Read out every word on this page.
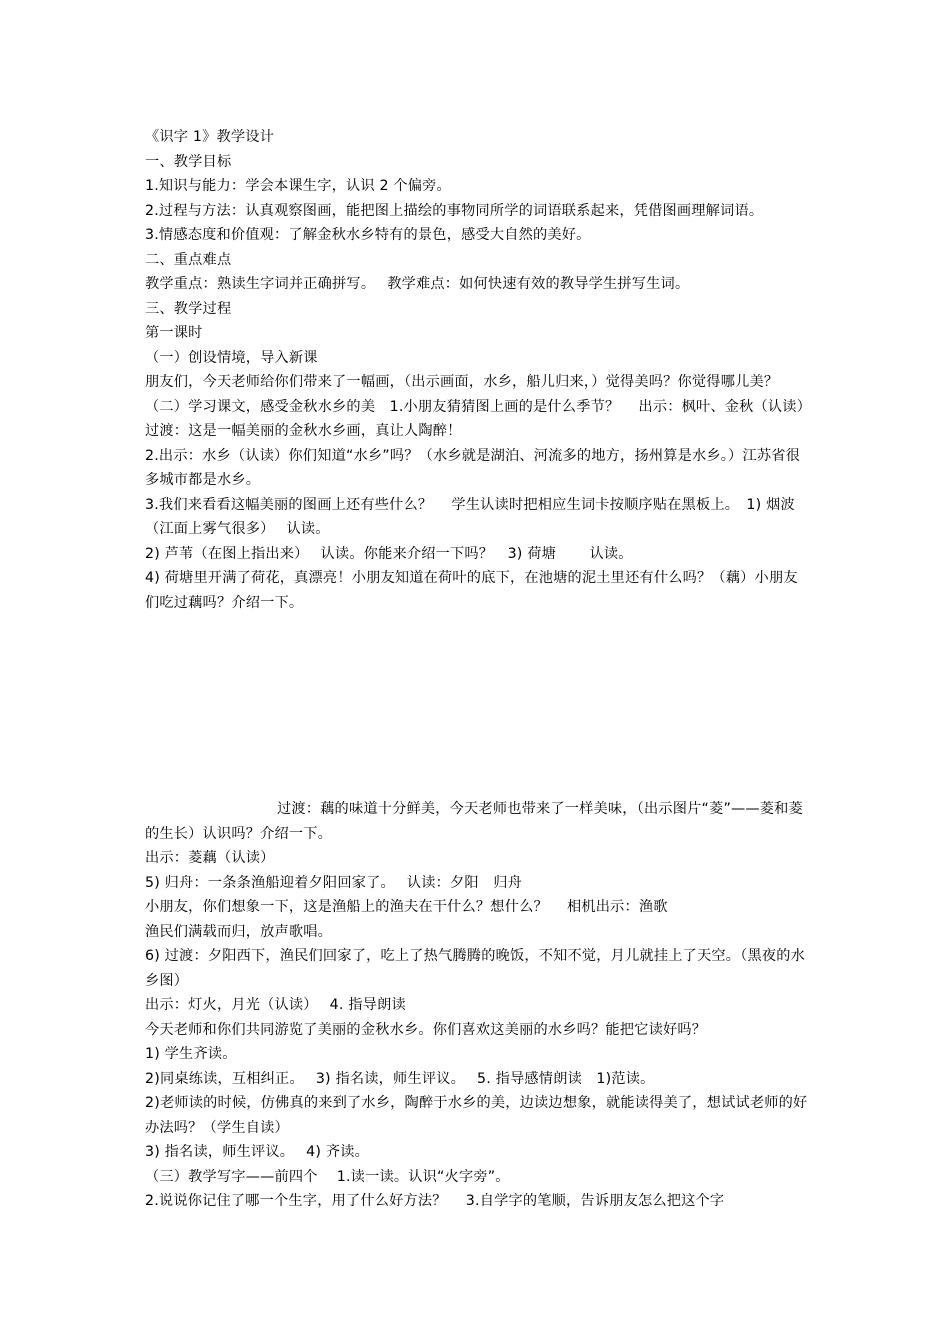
《识字 1》教学设计

一、教学目标

1.知识与能力：学会本课生字，认识 2 个偏旁。

2.过程与方法：认真观察图画，能把图上描绘的事物同所学的词语联系起来，凭借图画理解词语。

3.情感态度和价值观：了解金秋水乡特有的景色，感受大自然的美好。

二、重点难点

教学重点：熟读生字词并正确拼写。　 教学难点：如何快速有效的教导学生拼写生词。

三、教学过程

第一课时

（一）创设情境，导入新课

朋友们，今天老师给你们带来了一幅画，（出示画面，水乡，船儿归来，）觉得美吗？你觉得哪儿美？

（二）学习课文，感受金秋水乡的美　1.小朋友猜猜图上画的是什么季节？　 出示：枫叶、金秋（认读）

过渡：这是一幅美丽的金秋水乡画，真让人陶醉！

2.出示：水乡（认读）你们知道“水乡”吗？（水乡就是湖泊、河流多的地方，扬州算是水乡。）江苏省很多城市都是水乡。

3.我们来看看这幅美丽的图画上还有些什么？　 学生认读时把相应生词卡按顺序贴在黑板上。　1) 烟波（江面上雾气很多）　 认读。

2) 芦苇（在图上指出来）　 认读。你能来介绍一下吗？　3) 荷塘　　 认读。

4) 荷塘里开满了荷花，真漂亮！小朋友知道在荷叶的底下，在池塘的泥土里还有什么吗？（藕）小朋友们吃过藕吗？介绍一下。

过渡：藕的味道十分鲜美，今天老师也带来了一样美味，（出示图片“菱”——菱和菱的生长）认识吗？介绍一下。

出示：菱藕（认读）

5) 归舟：一条条渔船迎着夕阳回家了。　 认读：夕阳　归舟

小朋友，你们想象一下，这是渔船上的渔夫在干什么？想什么？　 相机出示：渔歌

渔民们满载而归，放声歌唱。

6) 过渡：夕阳西下，渔民们回家了，吃上了热气腾腾的晚饭，不知不觉，月儿就挂上了天空。（黑夜的水乡图）

出示：灯火，月光（认读）　 4. 指导朗读

今天老师和你们共同游览了美丽的金秋水乡。你们喜欢这美丽的水乡吗？能把它读好吗？

1) 学生齐读。

2)同桌练读，互相纠正。　 3) 指名读，师生评议。　 5. 指导感情朗读　1)范读。

2)老师读的时候，仿佛真的来到了水乡，陶醉于水乡的美，边读边想象，就能读得美了，想试试老师的好办法吗？（学生自读）

3) 指名读，师生评议。　 4) 齐读。

（三）教学写字——前四个　 1.读一读。认识“火字旁”。

2.说说你记住了哪一个生字，用了什么好方法？　 3.自学字的笔顺，告诉朋友怎么把这个字
